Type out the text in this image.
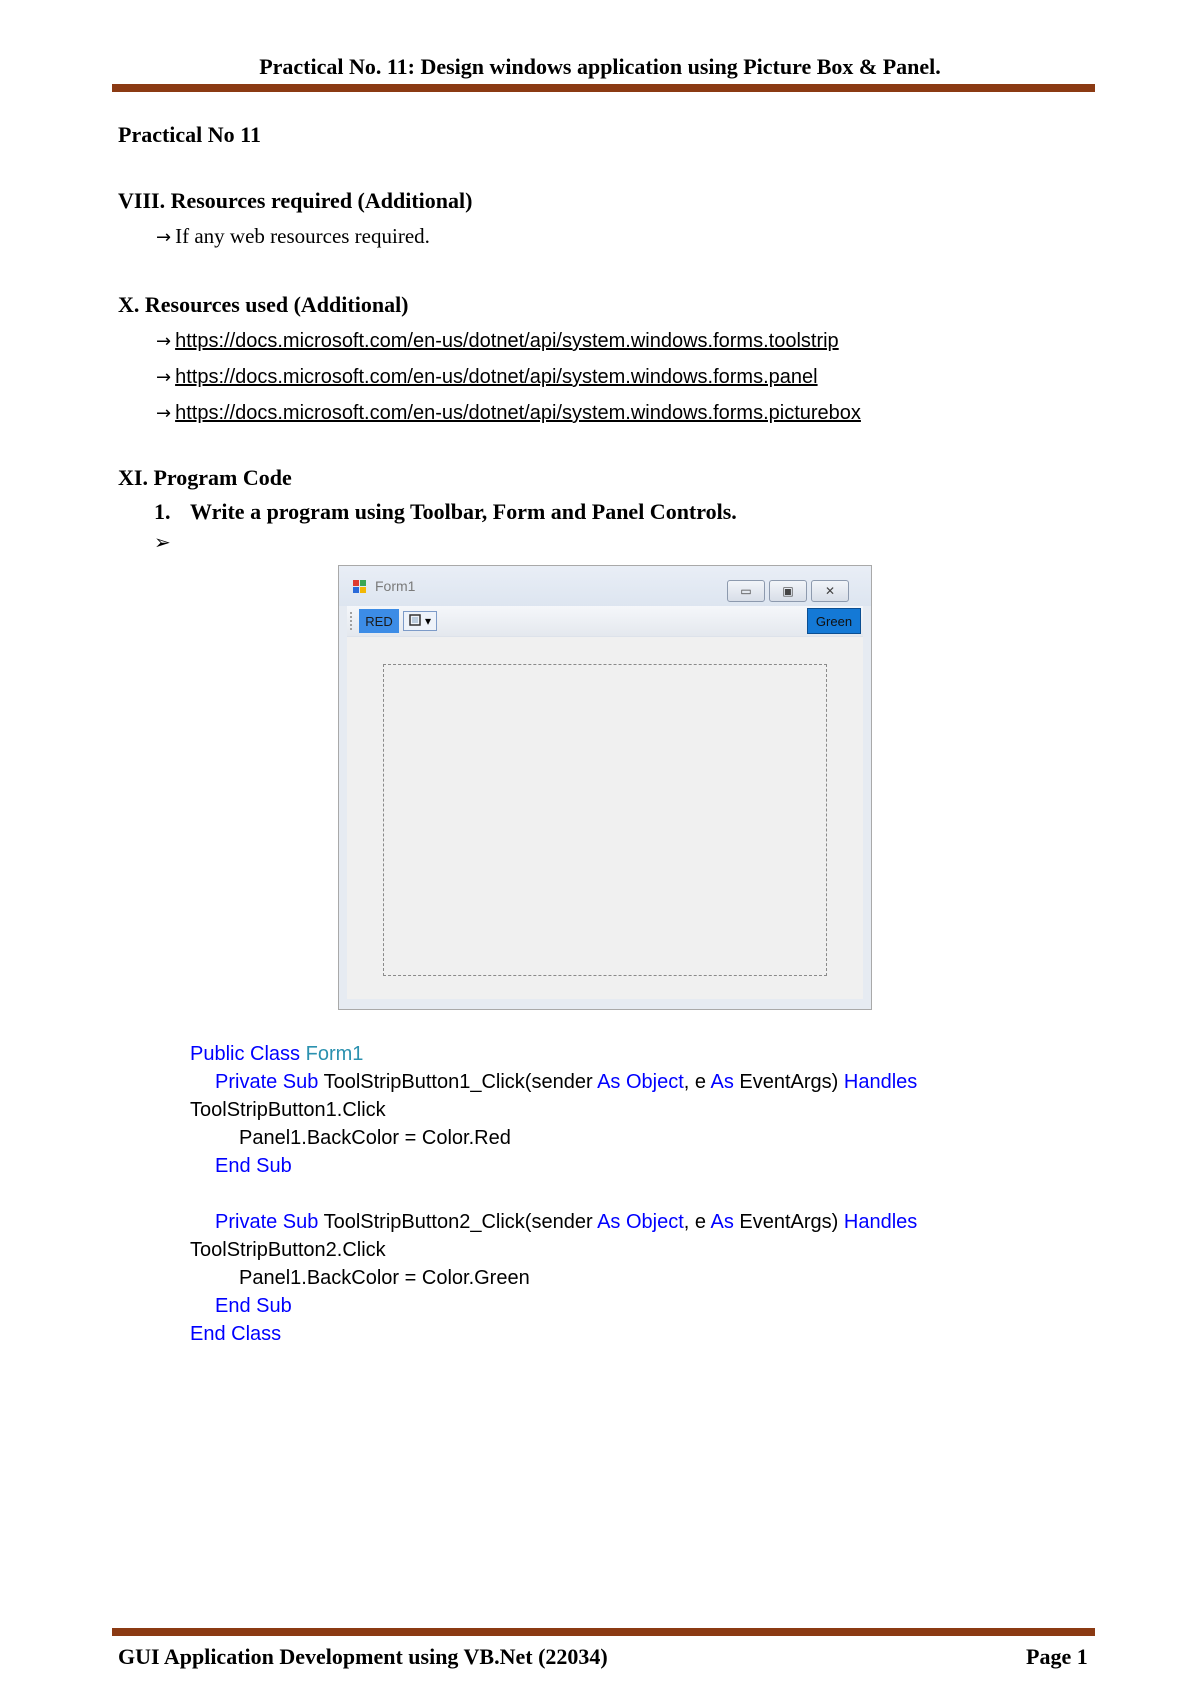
Practical No. 11: Design windows application using Picture Box & Panel.
Practical No 11
VIII. Resources required (Additional)
→ If any web resources required.
X. Resources used (Additional)
→ https://docs.microsoft.com/en-us/dotnet/api/system.windows.forms.toolstrip
→ https://docs.microsoft.com/en-us/dotnet/api/system.windows.forms.panel
→ https://docs.microsoft.com/en-us/dotnet/api/system.windows.forms.picturebox
XI. Program Code
1. Write a program using Toolbar, Form and Panel Controls.
➢
Form1	▭	▣	✕
RED	▾	Green
Public Class Form1
Private Sub ToolStripButton1_Click(sender As Object, e As EventArgs) Handles
ToolStripButton1.Click
Panel1.BackColor = Color.Red
End Sub
Private Sub ToolStripButton2_Click(sender As Object, e As EventArgs) Handles
ToolStripButton2.Click
Panel1.BackColor = Color.Green
End Sub
End Class
GUI Application Development using VB.Net (22034)	Page 1
